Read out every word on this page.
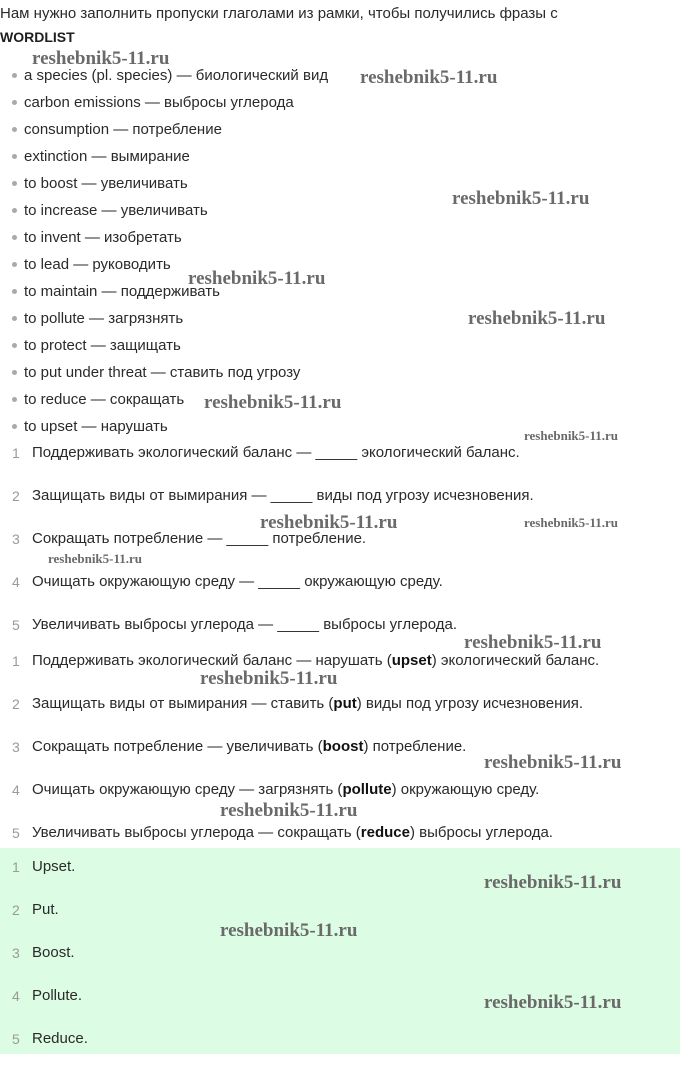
Нам нужно заполнить пропуски глаголами из рамки, чтобы получились фразы с
WORDLIST
a species (pl. species) — биологический вид
carbon emissions — выбросы углерода
consumption — потребление
extinction — вымирание
to boost — увеличивать
to increase — увеличивать
to invent — изобретать
to lead — руководить
to maintain — поддерживать
to pollute — загрязнять
to protect — защищать
to put under threat — ставить под угрозу
to reduce — сокращать
to upset — нарушать
1 Поддерживать экологический баланс — _____ экологический баланс.
2 Защищать виды от вымирания — _____ виды под угрозу исчезновения.
3 Сокращать потребление — _____ потребление.
4 Очищать окружающую среду — _____ окружающую среду.
5 Увеличивать выбросы углерода — _____ выбросы углерода.
1 Поддерживать экологический баланс — нарушать (upset) экологический баланс.
2 Защищать виды от вымирания — ставить (put) виды под угрозу исчезновения.
3 Сокращать потребление — увеличивать (boost) потребление.
4 Очищать окружающую среду — загрязнять (pollute) окружающую среду.
5 Увеличивать выбросы углерода — сокращать (reduce) выбросы углерода.
1 Upset.
2 Put.
3 Boost.
4 Pollute.
5 Reduce.
reshebnik5-11.ru
reshebnik5-11.ru
reshebnik5-11.ru
reshebnik5-11.ru
reshebnik5-11.ru
reshebnik5-11.ru
reshebnik5-11.ru
reshebnik5-11.ru	reshebnik5-11.ru
reshebnik5-11.ru
reshebnik5-11.ru
reshebnik5-11.ru
reshebnik5-11.ru
reshebnik5-11.ru
reshebnik5-11.ru
reshebnik5-11.ru
reshebnik5-11.ru
